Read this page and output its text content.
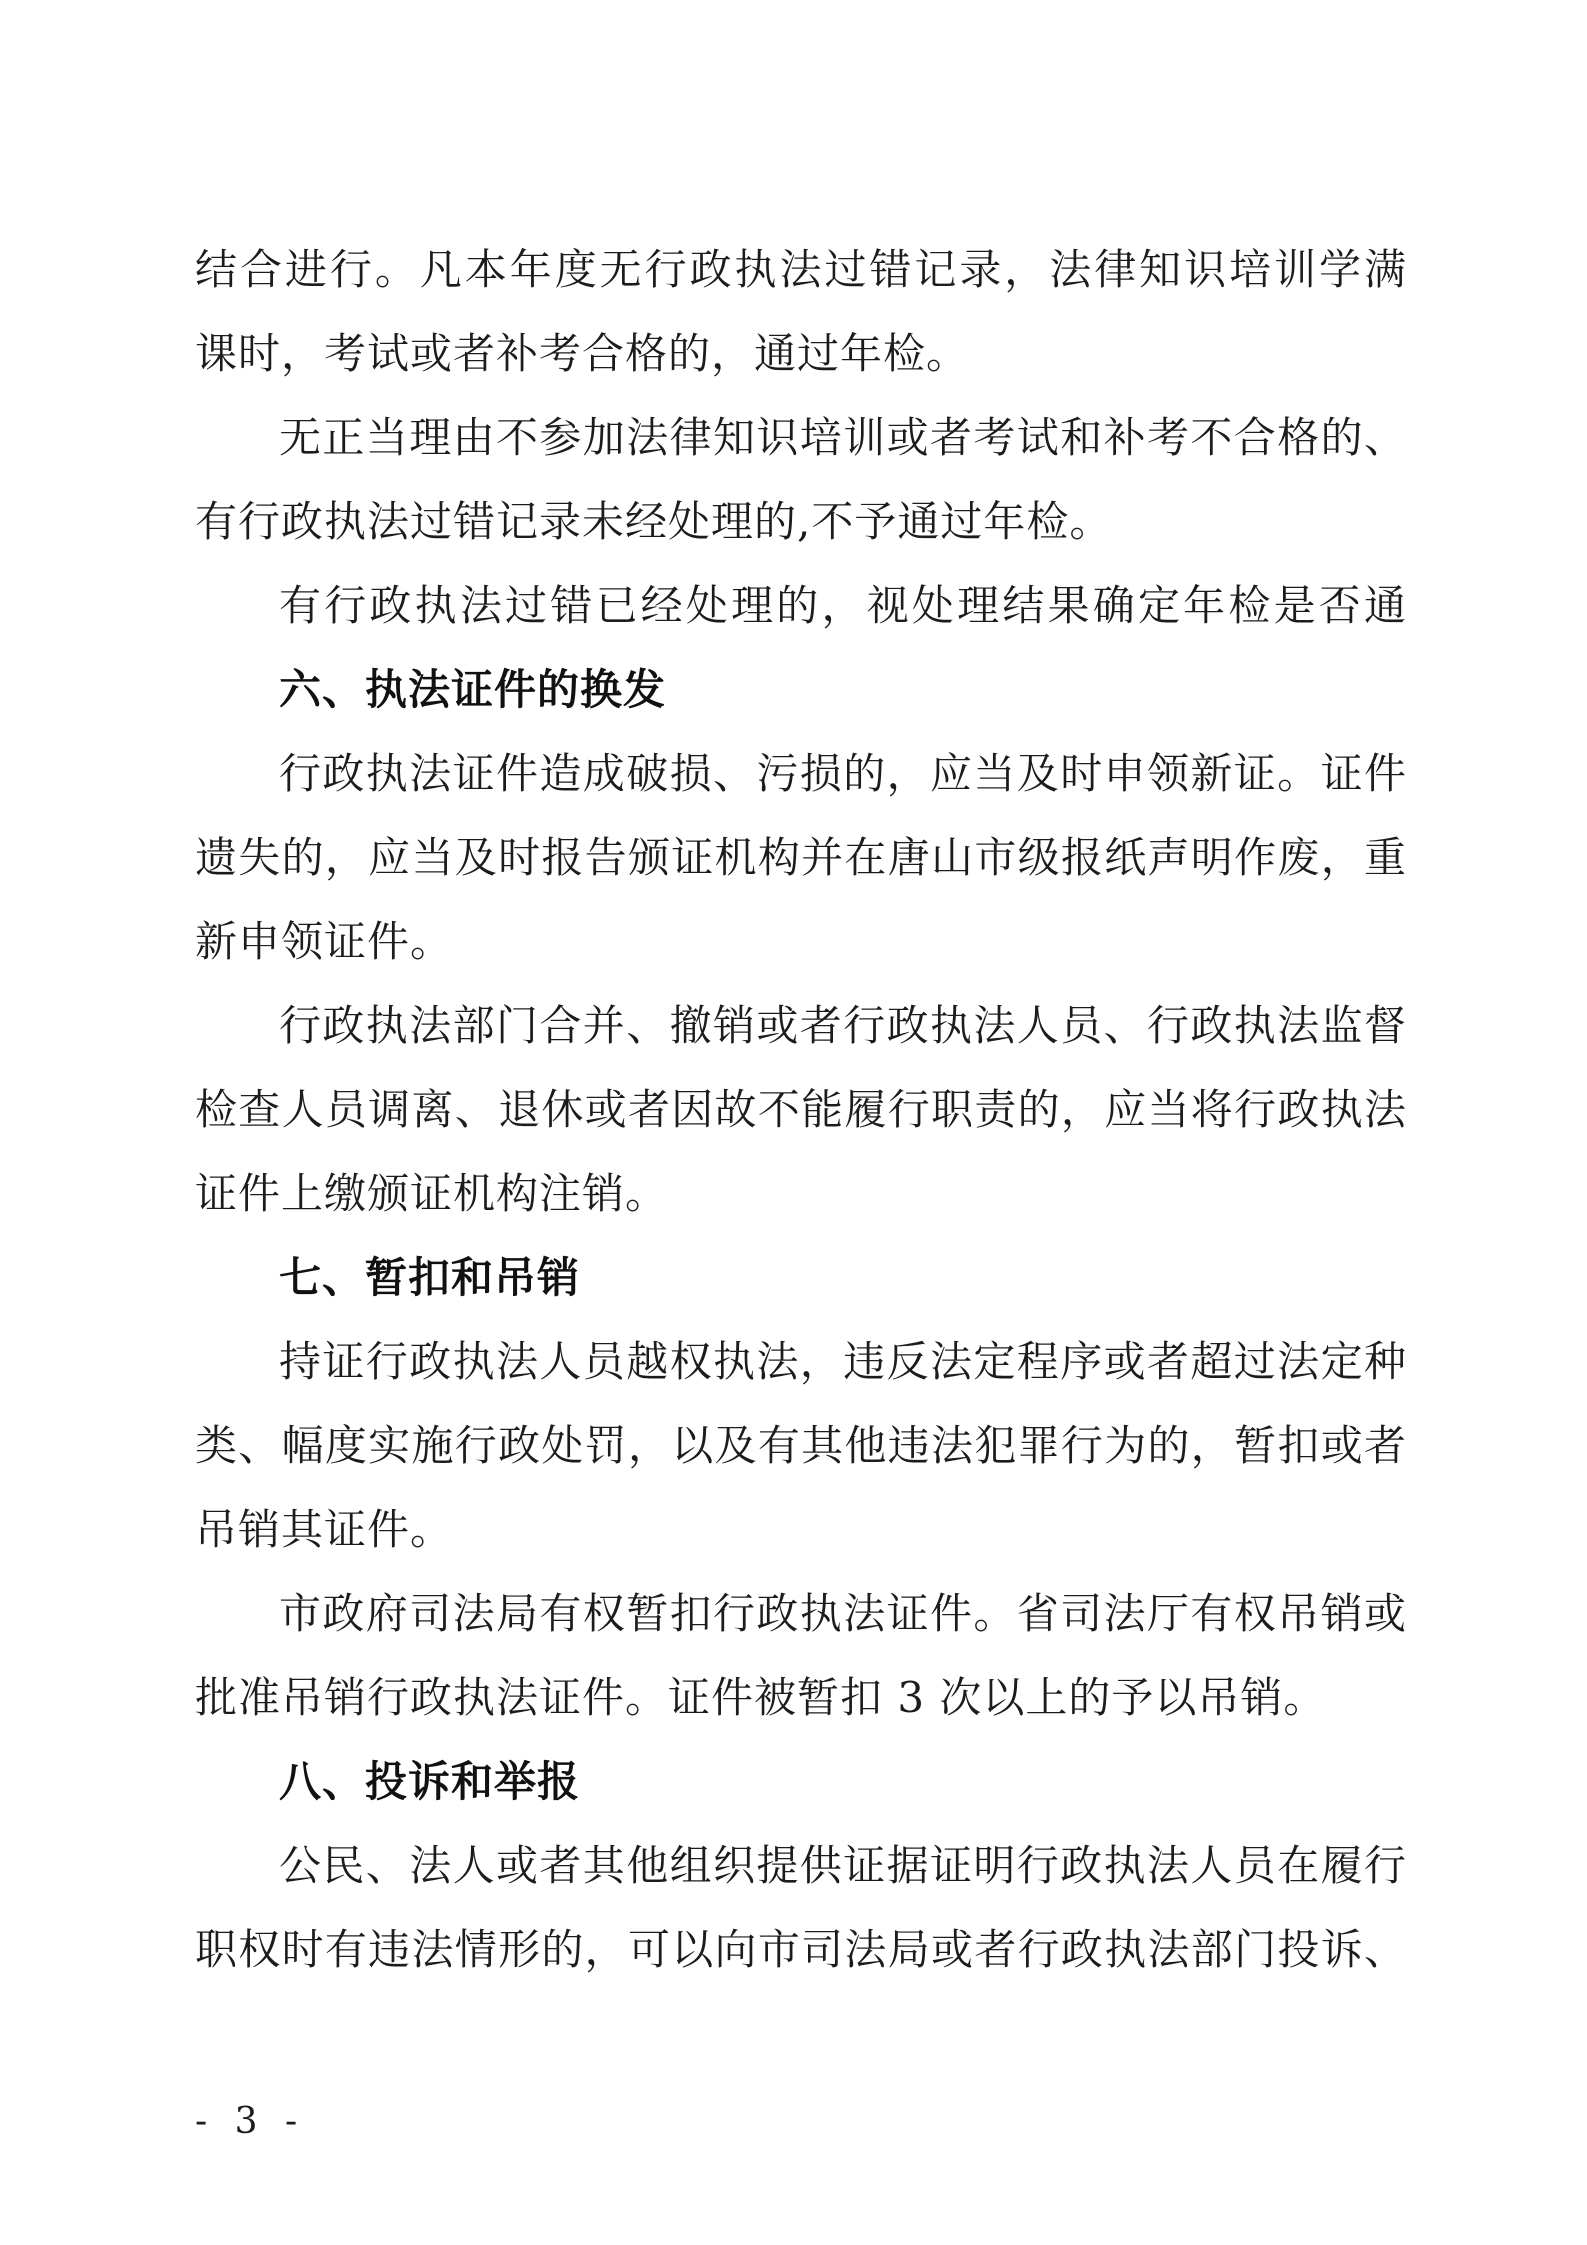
结合进行。凡本年度无行政执法过错记录，法律知识培训学满
课时，考试或者补考合格的，通过年检。
无正当理由不参加法律知识培训或者考试和补考不合格的、
有行政执法过错记录未经处理的,不予通过年检。
有行政执法过错已经处理的，视处理结果确定年检是否通
六、执法证件的换发
行政执法证件造成破损、污损的，应当及时申领新证。证件
遗失的，应当及时报告颁证机构并在唐山市级报纸声明作废，重
新申领证件。
行政执法部门合并、撤销或者行政执法人员、行政执法监督
检查人员调离、退休或者因故不能履行职责的，应当将行政执法
证件上缴颁证机构注销。
七、暂扣和吊销
持证行政执法人员越权执法，违反法定程序或者超过法定种
类、幅度实施行政处罚，以及有其他违法犯罪行为的，暂扣或者
吊销其证件。
市政府司法局有权暂扣行政执法证件。省司法厅有权吊销或
批准吊销行政执法证件。证件被暂扣 3 次以上的予以吊销。
八、投诉和举报
公民、法人或者其他组织提供证据证明行政执法人员在履行
职权时有违法情形的，可以向市司法局或者行政执法部门投诉、
- 3 -
